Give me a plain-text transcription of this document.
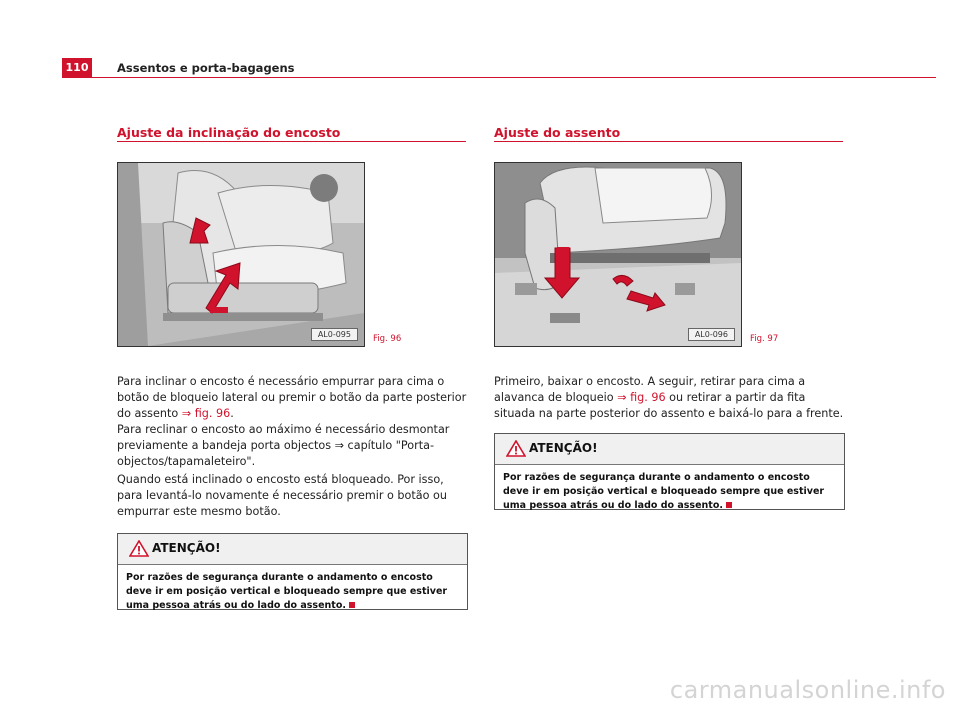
110	Assentos e porta-bagagens
Ajuste da inclinação do encosto
AL0-095	Fig. 96

Para inclinar o encosto é necessário empurrar para cima o botão de bloqueio lateral ou premir o botão da parte posterior do assento ⇒ fig. 96.

Para reclinar o encosto ao máximo é necessário desmontar previamente a bandeja porta objectos ⇒ capítulo "Porta-objectos/tapamaleteiro".

Quando está inclinado o encosto está bloqueado. Por isso, para levantá-lo novamente é necessário premir o botão ou empurrar este mesmo botão.

ATENÇÃO!
Por razões de segurança durante o andamento o encosto deve ir em posição vertical e bloqueado sempre que estiver uma pessoa atrás ou do lado do assento.
Ajuste do assento
AL0-096	Fig. 97

Primeiro, baixar o encosto. A seguir, retirar para cima a alavanca de bloqueio ⇒ fig. 96 ou retirar a partir da fita situada na parte posterior do assento e baixá-lo para a frente.

ATENÇÃO!
Por razões de segurança durante o andamento o encosto deve ir em posição vertical e bloqueado sempre que estiver uma pessoa atrás ou do lado do assento.
carmanualsonline.info
